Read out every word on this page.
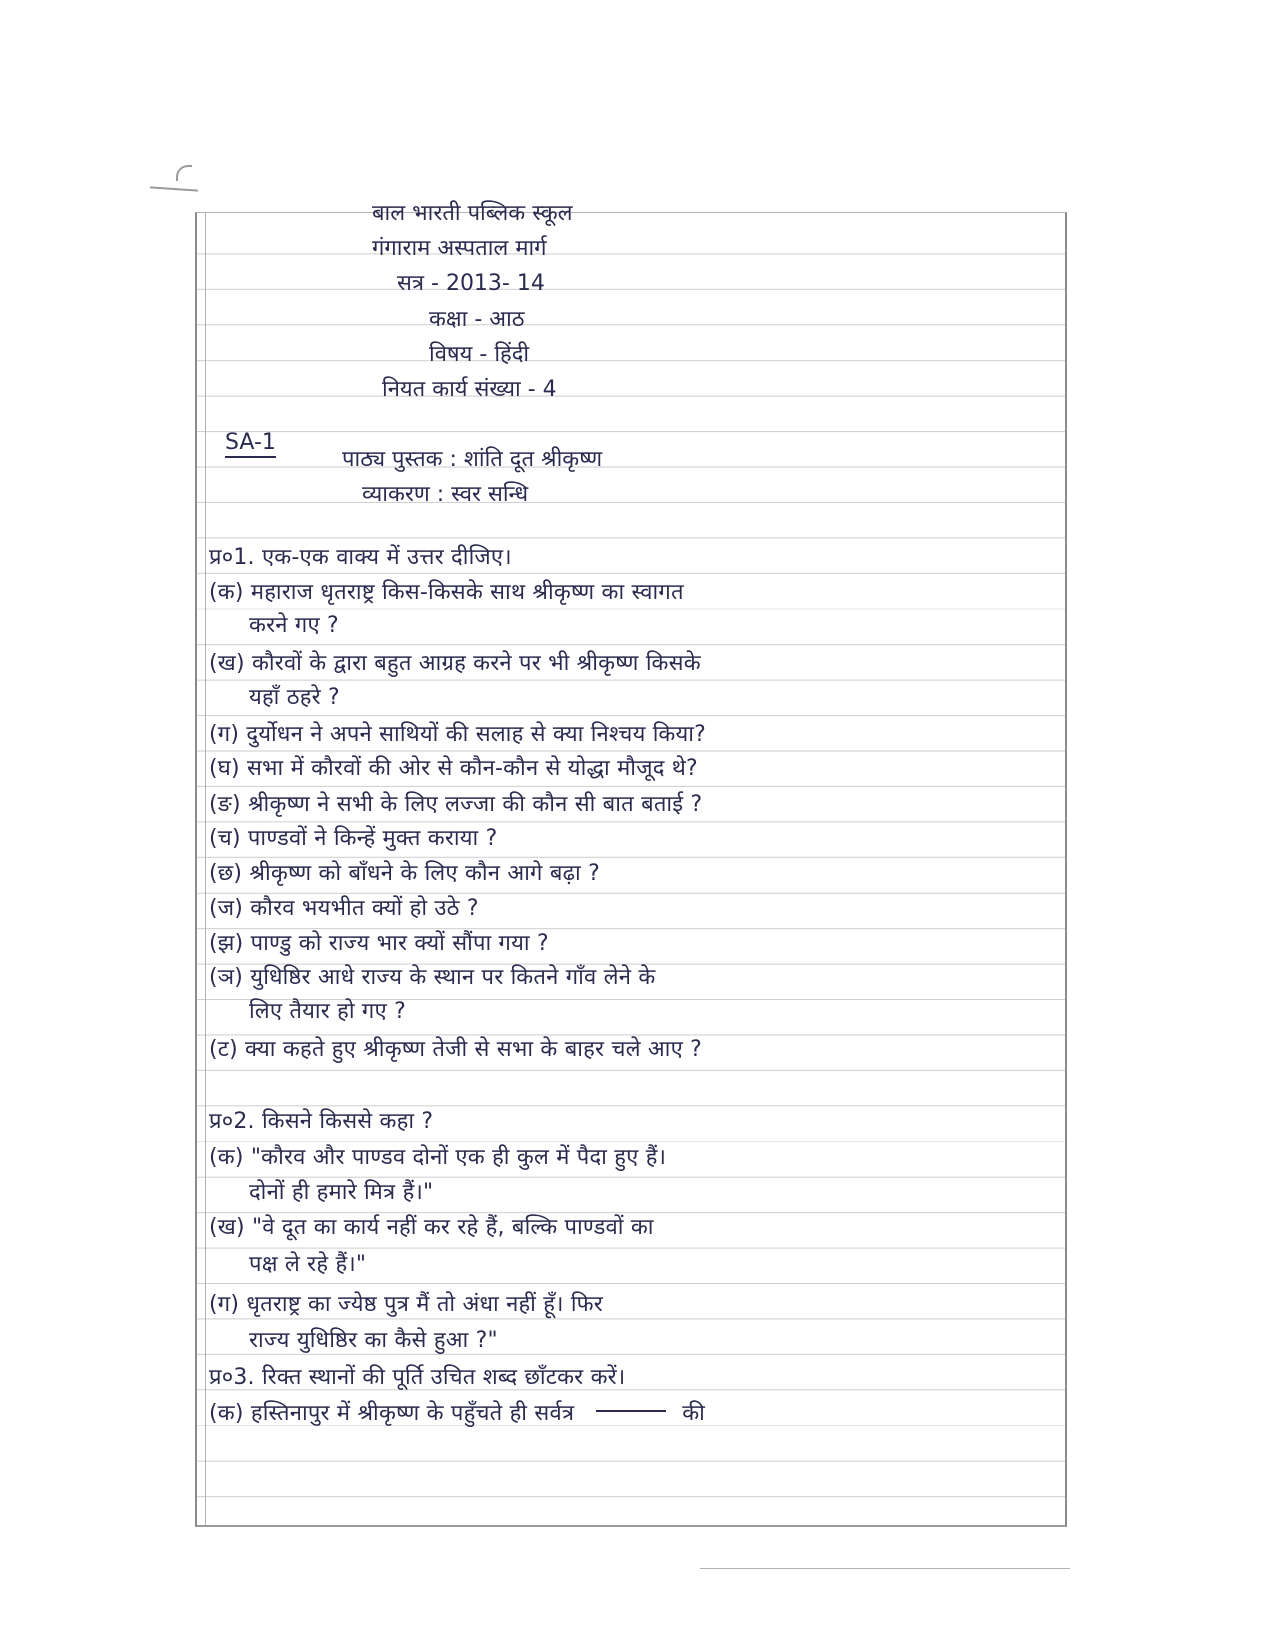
बाल भारती पब्लिक स्कूल
गंगाराम अस्पताल मार्ग
सत्र - 2013- 14
कक्षा - आठ
विषय - हिंदी
नियत कार्य संख्या - 4
SA-1
पाठ्य पुस्तक : शांति दूत श्रीकृष्ण
व्याकरण : स्वर सन्धि
प्र०1. एक-एक वाक्य में उत्तर दीजिए।
(क) महाराज धृतराष्ट्र किस-किसके साथ श्रीकृष्ण का स्वागत
करने गए ?
(ख) कौरवों के द्वारा बहुत आग्रह करने पर भी श्रीकृष्ण किसके
यहाँ ठहरे ?
(ग) दुर्योधन ने अपने साथियों की सलाह से क्या निश्चय किया?
(घ) सभा में कौरवों की ओर से कौन-कौन से योद्धा मौजूद थे?
(ङ) श्रीकृष्ण ने सभी के लिए लज्जा की कौन सी बात बताई ?
(च) पाण्डवों ने किन्हें मुक्त कराया ?
(छ) श्रीकृष्ण को बाँधने के लिए कौन आगे बढ़ा ?
(ज) कौरव भयभीत क्यों हो उठे ?
(झ) पाण्डु को राज्य भार क्यों सौंपा गया ?
(ञ) युधिष्ठिर आधे राज्य के स्थान पर कितने गाँव लेने के
लिए तैयार हो गए ?
(ट) क्या कहते हुए श्रीकृष्ण तेजी से सभा के बाहर चले आए ?
प्र०2. किसने किससे कहा ?
(क) "कौरव और पाण्डव दोनों एक ही कुल में पैदा हुए हैं।
दोनों ही हमारे मित्र हैं।"
(ख) "वे दूत का कार्य नहीं कर रहे हैं, बल्कि पाण्डवों का
पक्ष ले रहे हैं।"
(ग) धृतराष्ट्र का ज्येष्ठ पुत्र मैं तो अंधा नहीं हूँ। फिर
राज्य युधिष्ठिर का कैसे हुआ ?"
प्र०3. रिक्त स्थानों की पूर्ति उचित शब्द छाँटकर करें।
(क) हस्तिनापुर में श्रीकृष्ण के पहुँचते ही सर्वत्र	की
